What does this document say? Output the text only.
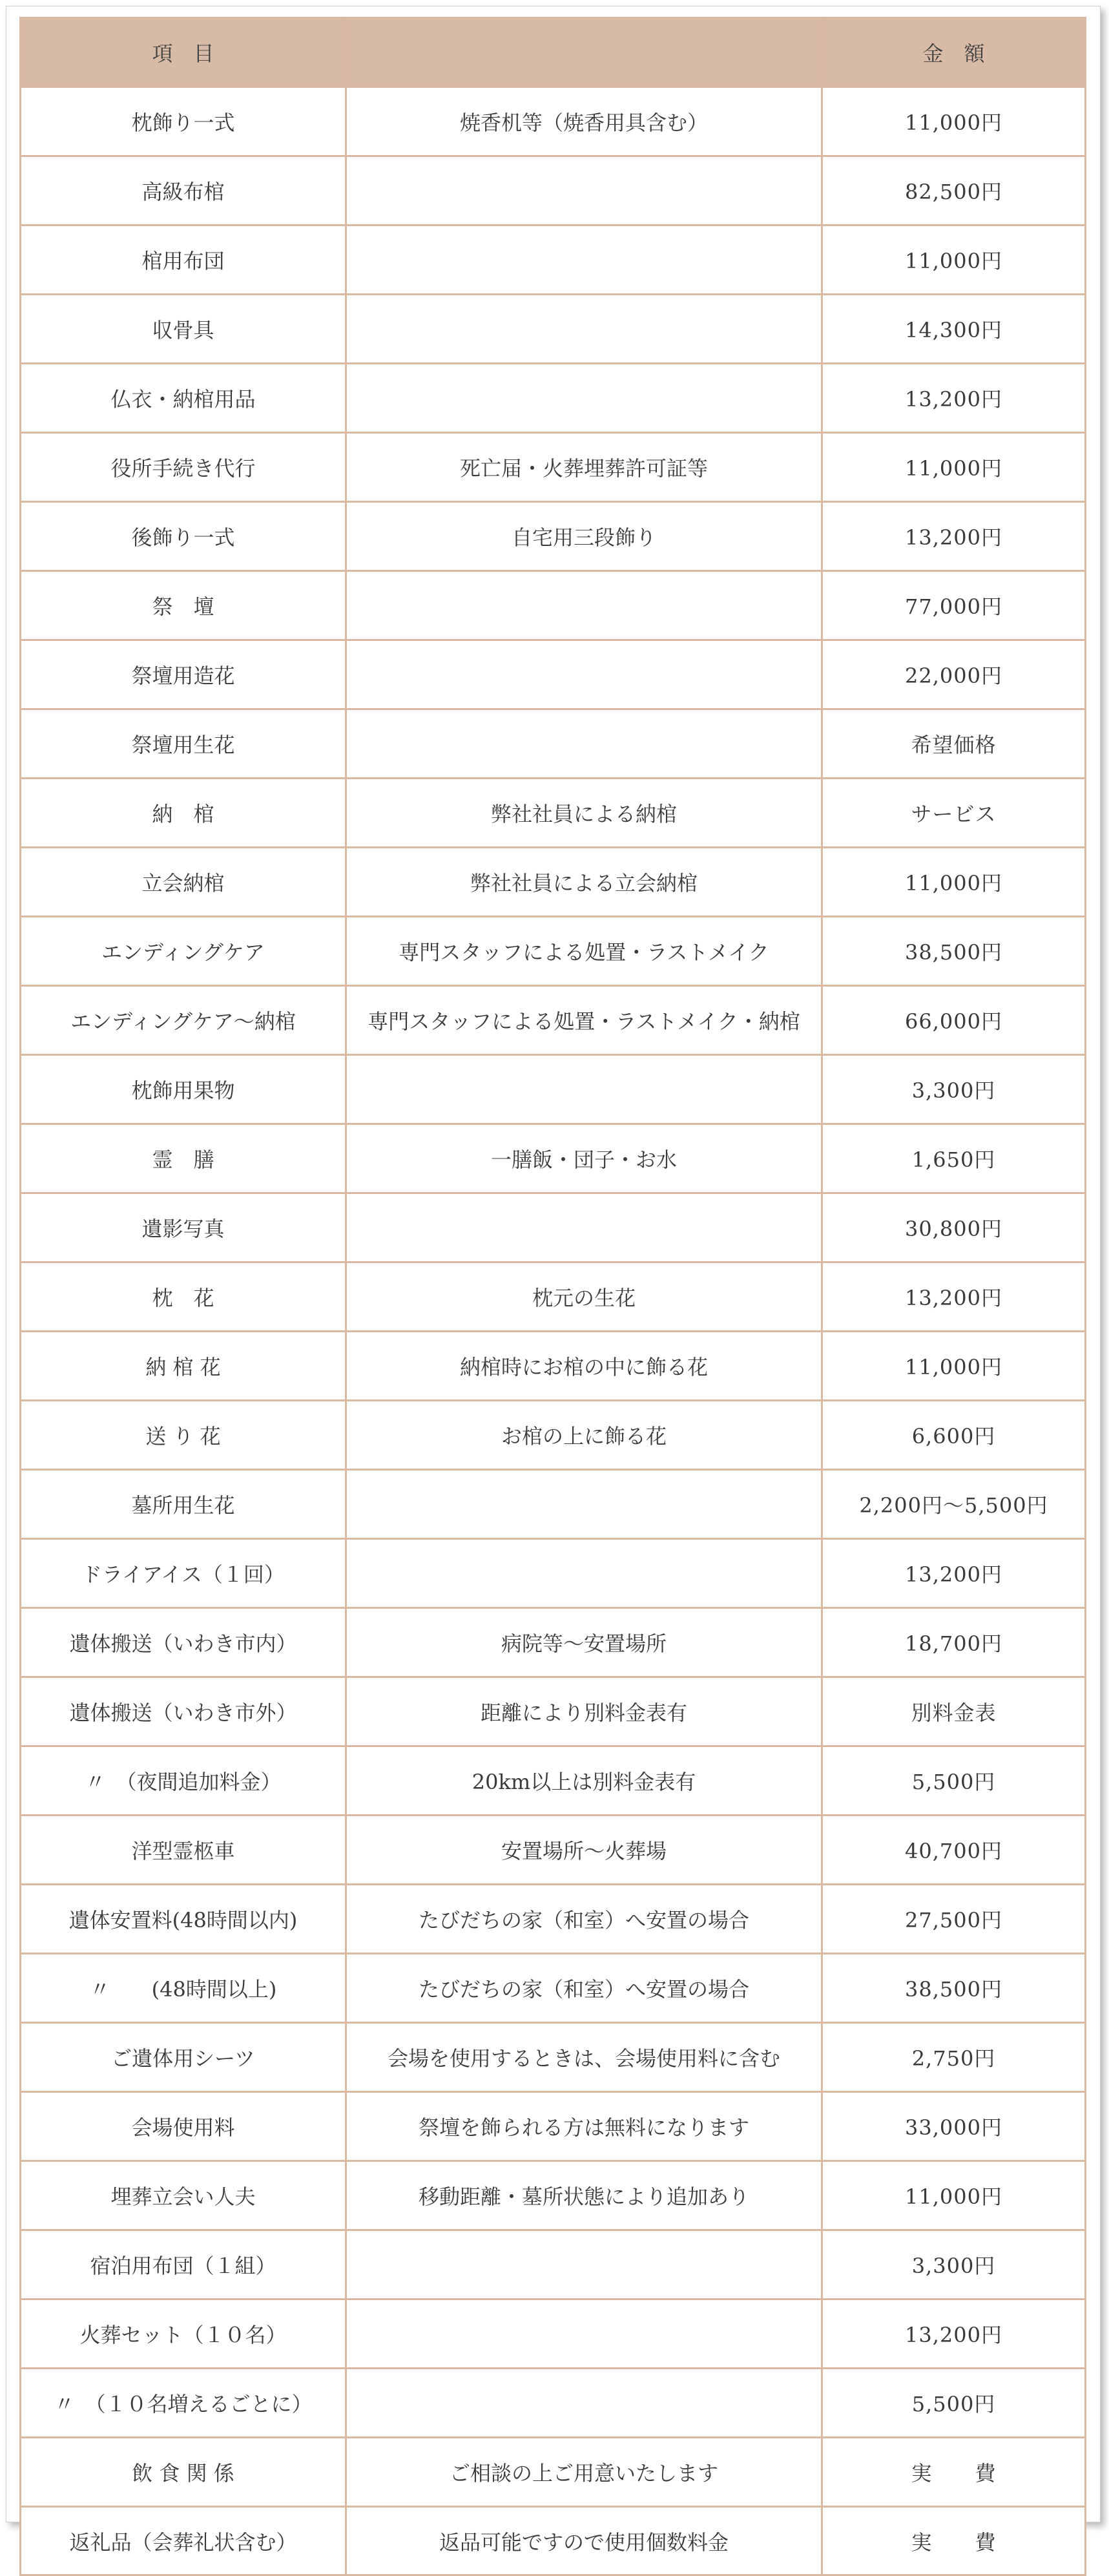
項　目		金　額
枕飾り一式	焼香机等（焼香用具含む）	11,000円
高級布棺		82,500円
棺用布団		11,000円
収骨具		14,300円
仏衣・納棺用品		13,200円
役所手続き代行	死亡届・火葬埋葬許可証等	11,000円
後飾り一式	自宅用三段飾り	13,200円
祭　壇		77,000円
祭壇用造花		22,000円
祭壇用生花		希望価格
納　棺	弊社社員による納棺	サービス
立会納棺	弊社社員による立会納棺	11,000円
エンディングケア	専門スタッフによる処置・ラストメイク	38,500円
エンディングケア〜納棺	専門スタッフによる処置・ラストメイク・納棺	66,000円
枕飾用果物		3,300円
霊　膳	一膳飯・団子・お水	1,650円
遺影写真		30,800円
枕　花	枕元の生花	13,200円
納 棺 花	納棺時にお棺の中に飾る花	11,000円
送 り 花	お棺の上に飾る花	6,600円
墓所用生花		2,200円〜5,500円
ドライアイス（１回）		13,200円
遺体搬送（いわき市内）	病院等〜安置場所	18,700円
遺体搬送（いわき市外）	距離により別料金表有	別料金表
〃　（夜間追加料金）	20km以上は別料金表有	5,500円
洋型霊柩車	安置場所〜火葬場	40,700円
遺体安置料(48時間以内)	たびだちの家（和室）へ安置の場合	27,500円
〃　　(48時間以上)	たびだちの家（和室）へ安置の場合	38,500円
ご遺体用シーツ	会場を使用するときは、会場使用料に含む	2,750円
会場使用料	祭壇を飾られる方は無料になります	33,000円
埋葬立会い人夫	移動距離・墓所状態により追加あり	11,000円
宿泊用布団（１組）		3,300円
火葬セット（１０名）		13,200円
〃　（１０名増えるごとに）		5,500円
飲 食 関 係	ご相談の上ご用意いたします	実　　費
返礼品（会葬礼状含む）	返品可能ですので使用個数料金	実　　費
